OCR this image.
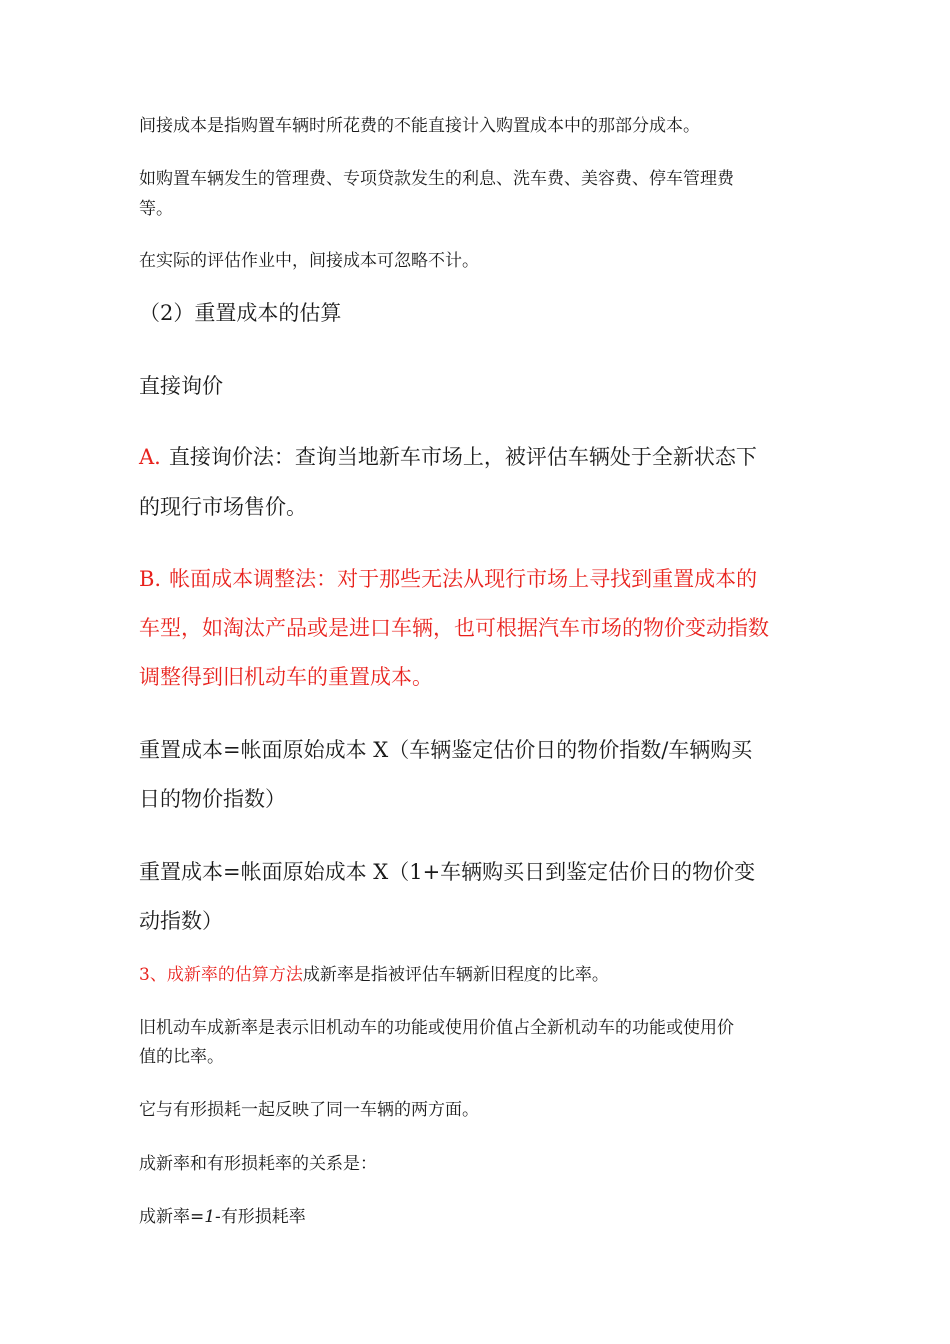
间接成本是指购置车辆时所花费的不能直接计入购置成本中的那部分成本。

如购置车辆发生的管理费、专项贷款发生的利息、洗车费、美容费、停车管理费

等。

在实际的评估作业中，间接成本可忽略不计。

（2）重置成本的估算

直接询价

A. 直接询价法：查询当地新车市场上，被评估车辆处于全新状态下

的现行市场售价。

B. 帐面成本调整法：对于那些无法从现行市场上寻找到重置成本的

车型，如淘汰产品或是进口车辆，也可根据汽车市场的物价变动指数

调整得到旧机动车的重置成本。

重置成本=帐面原始成本 X（车辆鉴定估价日的物价指数/车辆购买

日的物价指数）

重置成本=帐面原始成本 X（1+车辆购买日到鉴定估价日的物价变

动指数）

3、成新率的估算方法成新率是指被评估车辆新旧程度的比率。

旧机动车成新率是表示旧机动车的功能或使用价值占全新机动车的功能或使用价

值的比率。

它与有形损耗一起反映了同一车辆的两方面。

成新率和有形损耗率的关系是：

成新率=1-有形损耗率
